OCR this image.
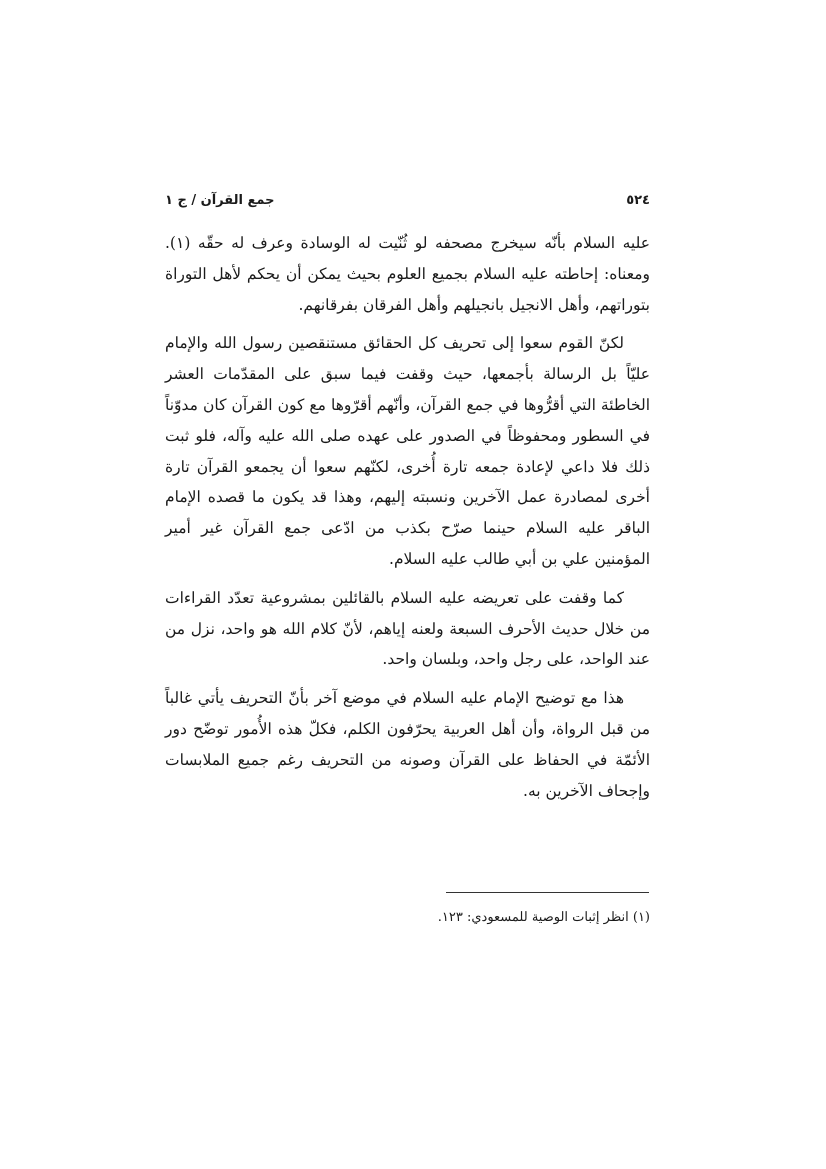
٥٢٤
جمع القرآن / ج ١

عليه السلام بأنّه سيخرج مصحفه لو ثُنّيت له الوسادة وعرف له حقّه (١). ومعناه: إحاطته عليه السلام بجميع العلوم بحيث يمكن أن يحكم لأهل التوراة بتوراتهم، وأهل الانجيل بانجيلهم وأهل الفرقان بفرقانهم.

لكنّ القوم سعوا إلى تحريف كل الحقائق مستنقصين رسول الله والإمام عليّاً بل الرسالة بأجمعها، حيث وقفت فيما سبق على المقدّمات العشر الخاطئة التي أقرُّوها في جمع القرآن، وأنّهم أقرّوها مع كون القرآن كان مدوّناً في السطور ومحفوظاً في الصدور على عهده صلى الله عليه وآله، فلو ثبت ذلك فلا داعي لإعادة جمعه تارة أُخرى، لكنّهم سعوا أن يجمعو القرآن تارة أخرى لمصادرة عمل الآخرين ونسبته إليهم، وهذا قد يكون ما قصده الإمام الباقر عليه السلام حينما صرّح بكذب من ادّعى جمع القرآن غير أمير المؤمنين علي بن أبي طالب عليه السلام.

كما وقفت على تعريضه عليه السلام بالقائلين بمشروعية تعدّد القراءات من خلال حديث الأحرف السبعة ولعنه إياهم، لأنّ كلام الله هو واحد، نزل من عند الواحد، على رجل واحد، وبلسان واحد.

هذا مع توضيح الإمام عليه السلام في موضع آخر بأنّ التحريف يأتي غالباً من قبل الرواة، وأن أهل العربية يحرّفون الكلم، فكلّ هذه الأُمور توضّح دور الأئمّة في الحفاظ على القرآن وصونه من التحريف رغم جميع الملابسات وإجحاف الآخرين به.

(١) انظر إثبات الوصية للمسعودي: ١٢٣.
